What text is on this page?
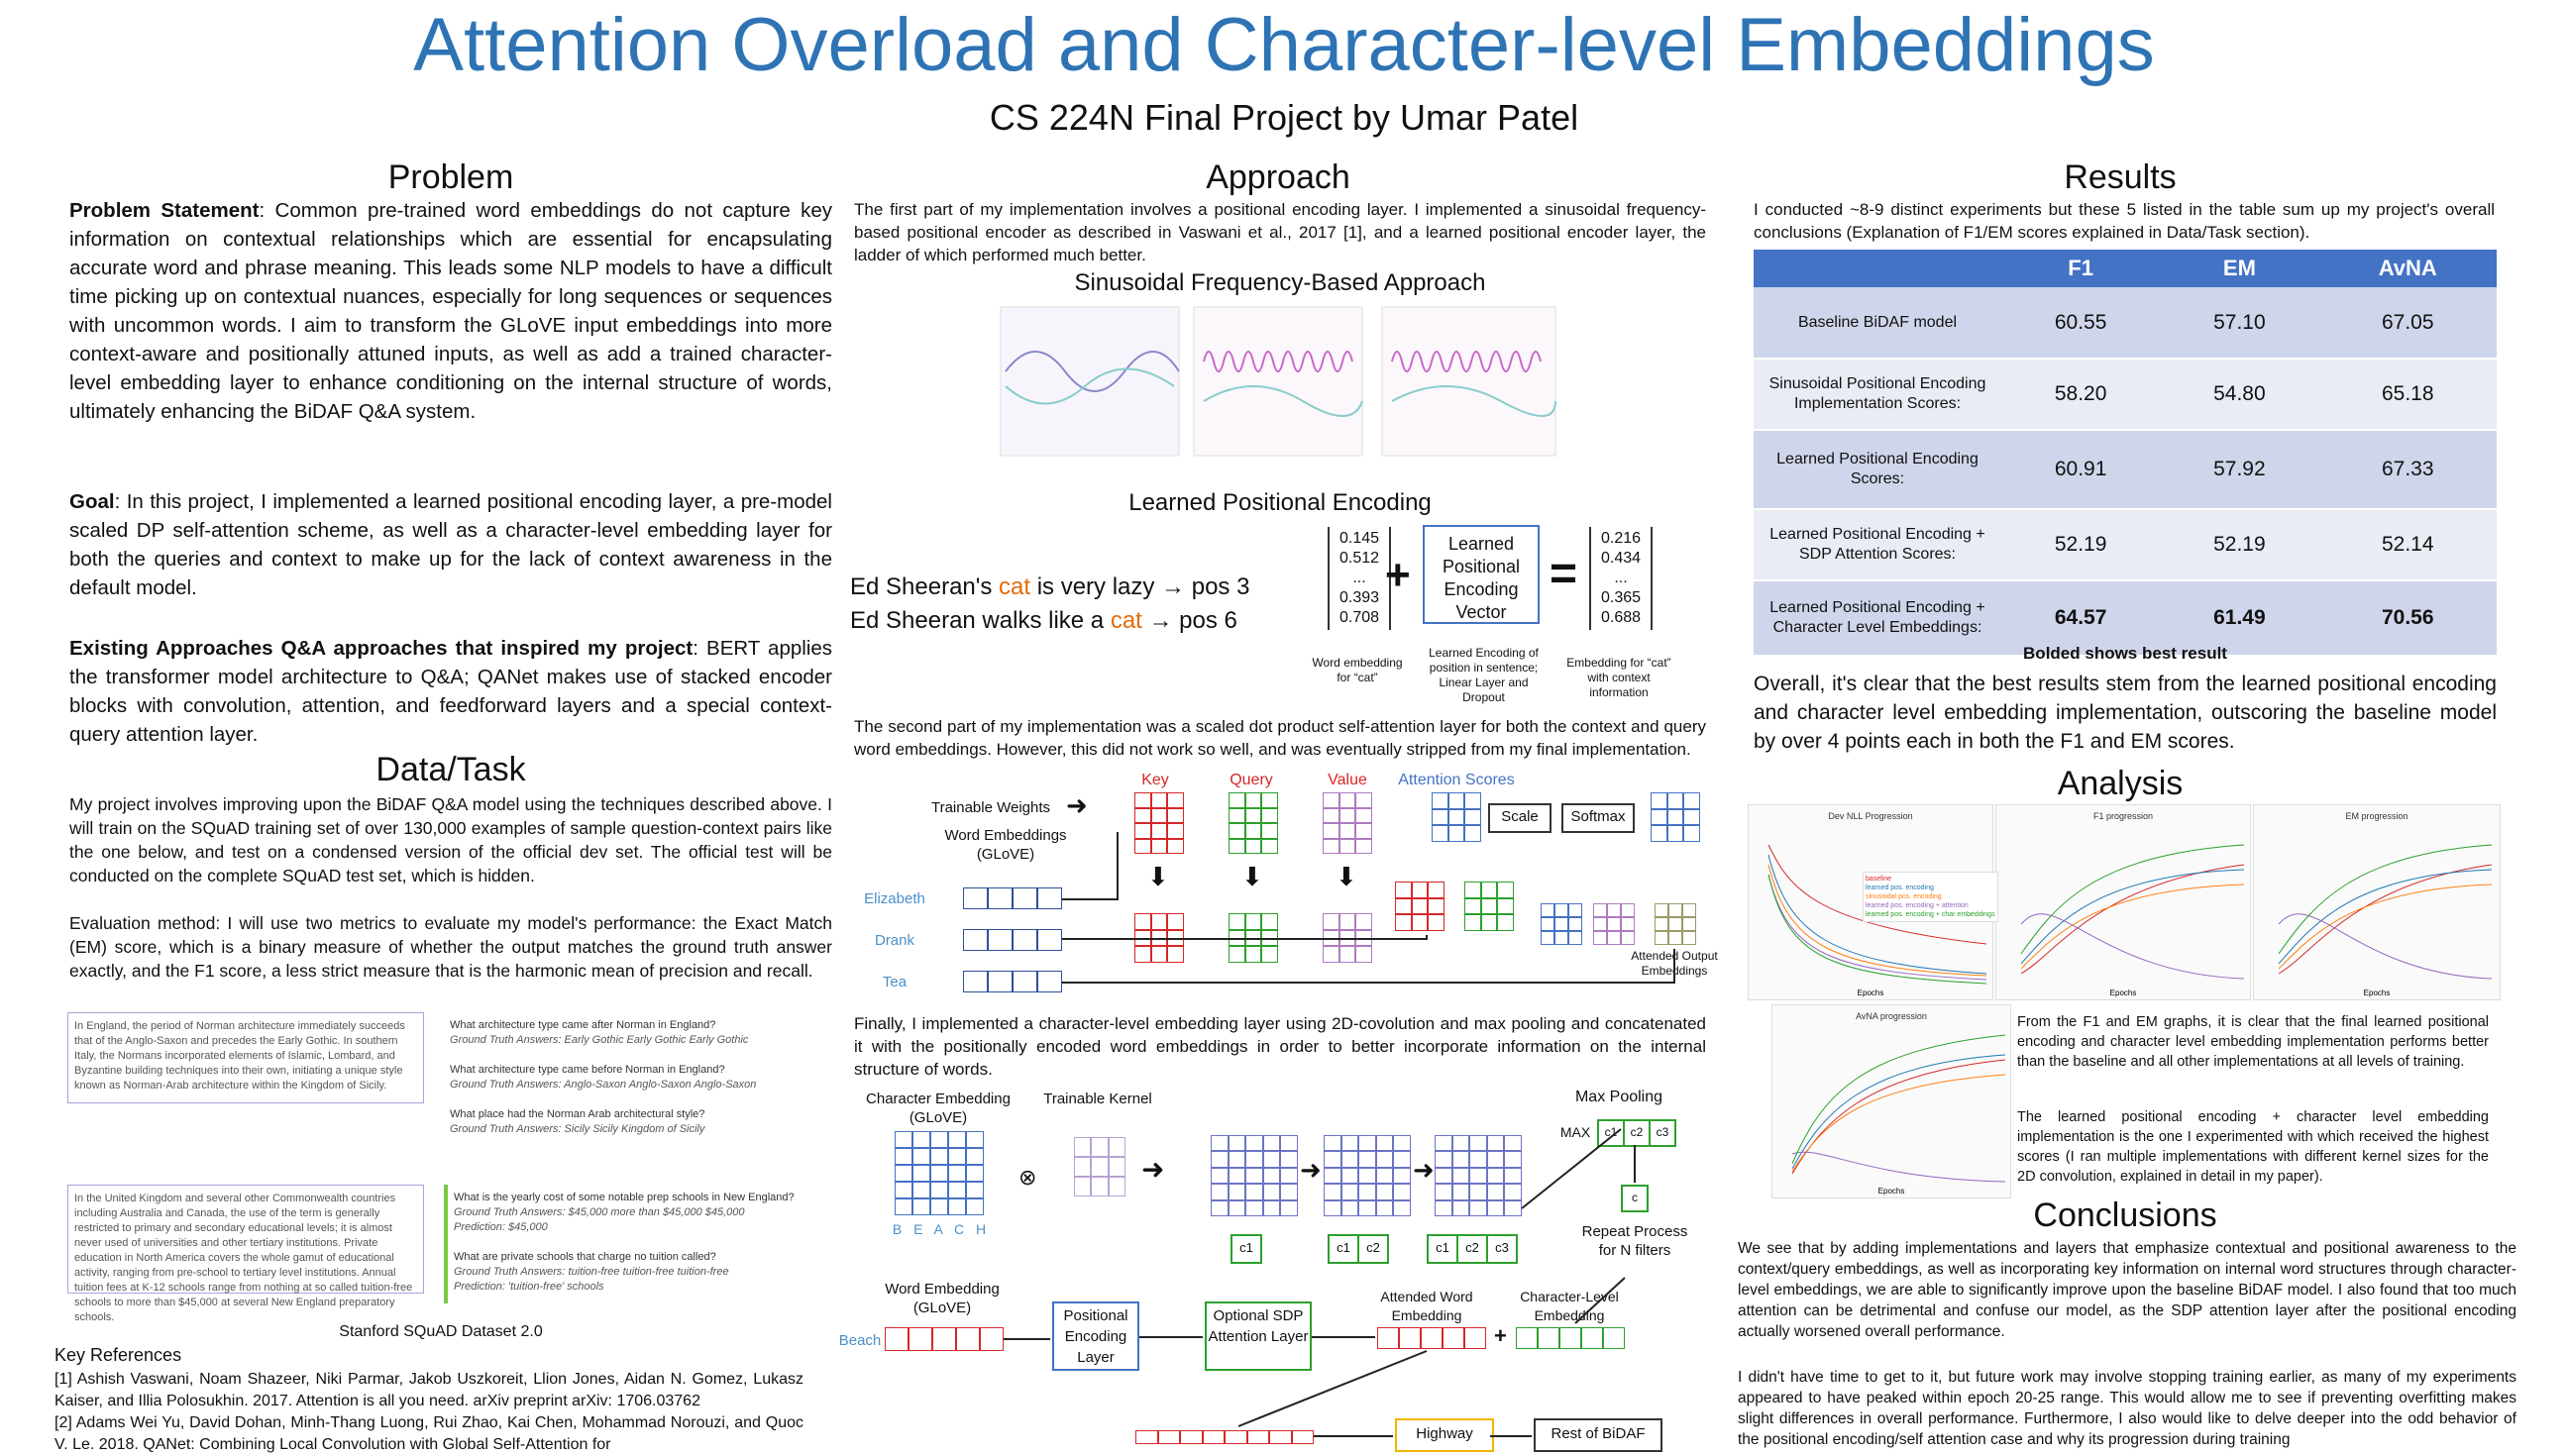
Attention Overload and Character-level Embeddings
CS 224N Final Project by Umar Patel
Problem
Problem Statement: Common pre-trained word embeddings do not capture key information on contextual relationships which are essential for encapsulating accurate word and phrase meaning. This leads some NLP models to have a difficult time picking up on contextual nuances, especially for long sequences or sequences with uncommon words. I aim to transform the GLoVE input embeddings into more context-aware and positionally attuned inputs, as well as add a trained character-level embedding layer to enhance conditioning on the internal structure of words, ultimately enhancing the BiDAF Q&A system.
Goal: In this project, I implemented a learned positional encoding layer, a pre-model scaled DP self-attention scheme, as well as a character-level embedding layer for both the queries and context to make up for the lack of context awareness in the default model.
Existing Approaches Q&A approaches that inspired my project: BERT applies the transformer model architecture to Q&A; QANet makes use of stacked encoder blocks with convolution, attention, and feedforward layers and a special context-query attention layer.
Data/Task
My project involves improving upon the BiDAF Q&A model using the techniques described above. I will train on the SQuAD training set of over 130,000 examples of sample question-context pairs like the one below, and test on a condensed version of the official dev set. The official test will be conducted on the complete SQuAD test set, which is hidden.
Evaluation method: I will use two metrics to evaluate my model's performance: the Exact Match (EM) score, which is a binary measure of whether the output matches the ground truth answer exactly, and the F1 score, a less strict measure that is the harmonic mean of precision and recall.
In England, the period of Norman architecture immediately succeeds that of the Anglo-Saxon and precedes the Early Gothic. In southern Italy, the Normans incorporated elements of Islamic, Lombard, and Byzantine building techniques into their own, initiating a unique style known as Norman-Arab architecture within the Kingdom of Sicily.
What architecture type came after Norman in England?
Ground Truth Answers: Early Gothic Early Gothic Early Gothic

What architecture type came before Norman in England?
Ground Truth Answers: Anglo-Saxon Anglo-Saxon Anglo-Saxon

What place had the Norman Arab architectural style?
Ground Truth Answers: Sicily Sicily Kingdom of Sicily
In the United Kingdom and several other Commonwealth countries including Australia and Canada, the use of the term is generally restricted to primary and secondary educational levels; it is almost never used of universities and other tertiary institutions. Private education in North America covers the whole gamut of educational activity, ranging from pre-school to tertiary level institutions. Annual tuition fees at K-12 schools range from nothing at so called tuition-free schools to more than $45,000 at several New England preparatory schools.
What is the yearly cost of some notable prep schools in New England?
Ground Truth Answers: $45,000 more than $45,000 $45,000
Prediction: $45,000

What are private schools that charge no tuition called?
Ground Truth Answers: tuition-free tuition-free tuition-free
Prediction: 'tuition-free' schools
Stanford SQuAD Dataset 2.0
Key References
[1] Ashish Vaswani, Noam Shazeer, Niki Parmar, Jakob Uszkoreit, Llion Jones, Aidan N. Gomez, Lukasz Kaiser, and Illia Polosukhin. 2017. Attention is all you need. arXiv preprint arXiv: 1706.03762
[2] Adams Wei Yu, David Dohan, Minh-Thang Luong, Rui Zhao, Kai Chen, Mohammad Norouzi, and Quoc V. Le. 2018. QANet: Combining Local Convolution with Global Self-Attention for
Approach
The first part of my implementation involves a positional encoding layer. I implemented a sinusoidal frequency-based positional encoder as described in Vaswani et al., 2017 [1], and a learned positional encoder layer, the ladder of which performed much better.
Sinusoidal Frequency-Based Approach
Learned Positional Encoding
Ed Sheeran's cat is very lazy → pos 3
Ed Sheeran walks like a cat → pos 6
0.145
0.512
...
0.393
0.708
+
Learned Positional Encoding Vector
=
0.216
0.434
...
0.365
0.688
Word embedding for “cat”
Learned Encoding of position in sentence; Linear Layer and Dropout
Embedding for “cat” with context information
The second part of my implementation was a scaled dot product self-attention layer for both the context and query word embeddings. However, this did not work so well, and was eventually stripped from my final implementation.
Key	Query	Value	Attention Scores
Trainable Weights ➜
Word Embeddings (GLoVE)
Elizabeth
Drank
Tea
Scale	Softmax
⬇	⬇	⬇
Attended Output Embeddings
Finally, I implemented a character-level embedding layer using 2D-covolution and max pooling and concatenated it with the positionally encoded word embeddings in order to better incorporate information on the internal structure of words.
Character Embedding (GLoVE)
Trainable Kernel
B E A C H
⊗	➜	➜	➜
c1	c1	c2	c1	c2	c3
Max Pooling
MAX	c1	c2	c3
c
Repeat Process for N filters
Word Embedding (GLoVE)
Beach
Positional Encoding Layer
Optional SDP Attention Layer
Attended Word Embedding
+
Character-Level Embedding
Highway	Rest of BiDAF
Results
I conducted ~8-9 distinct experiments but these 5 listed in the table sum up my project's overall conclusions (Explanation of F1/EM scores explained in Data/Task section).
	F1	EM	AvNA
Baseline BiDAF model	60.55	57.10	67.05
Sinusoidal Positional Encoding Implementation Scores:	58.20	54.80	65.18
Learned Positional Encoding Scores:	60.91	57.92	67.33
Learned Positional Encoding + SDP Attention Scores:	52.19	52.19	52.14
Learned Positional Encoding + Character Level Embeddings:	64.57	61.49	70.56
Bolded shows best result
Overall, it's clear that the best results stem from the learned positional encoding and character level embedding implementation, outscoring the baseline model by over 4 points each in both the F1 and EM scores.
Analysis
Dev NLL Progression
Epochs
F1 progression
Epochs
EM progression
Epochs
AvNA progression
Epochs
baseline
learned pos. encoding
sinusoidal pos. encoding
learned pos. encoding + attention
learned pos. encoding + char embeddings
From the F1 and EM graphs, it is clear that the final learned positional encoding and character level embedding implementation performs better than the baseline and all other implementations at all levels of training.
The learned positional encoding + character level embedding implementation is the one I experimented with which received the highest scores (I ran multiple implementations with different kernel sizes for the 2D convolution, explained in detail in my paper).
Conclusions
We see that by adding implementations and layers that emphasize contextual and positional awareness to the context/query embeddings, as well as incorporating key information on internal word structures through character-level embeddings, we are able to significantly improve upon the baseline BiDAF model. I also found that too much attention can be detrimental and confuse our model, as the SDP attention layer after the positional encoding actually worsened overall performance.
I didn't have time to get to it, but future work may involve stopping training earlier, as many of my experiments appeared to have peaked within epoch 20-25 range. This would allow me to see if preventing overfitting makes slight differences in overall performance. Furthermore, I also would like to delve deeper into the odd behavior of the positional encoding/self attention case and why its progression during training
